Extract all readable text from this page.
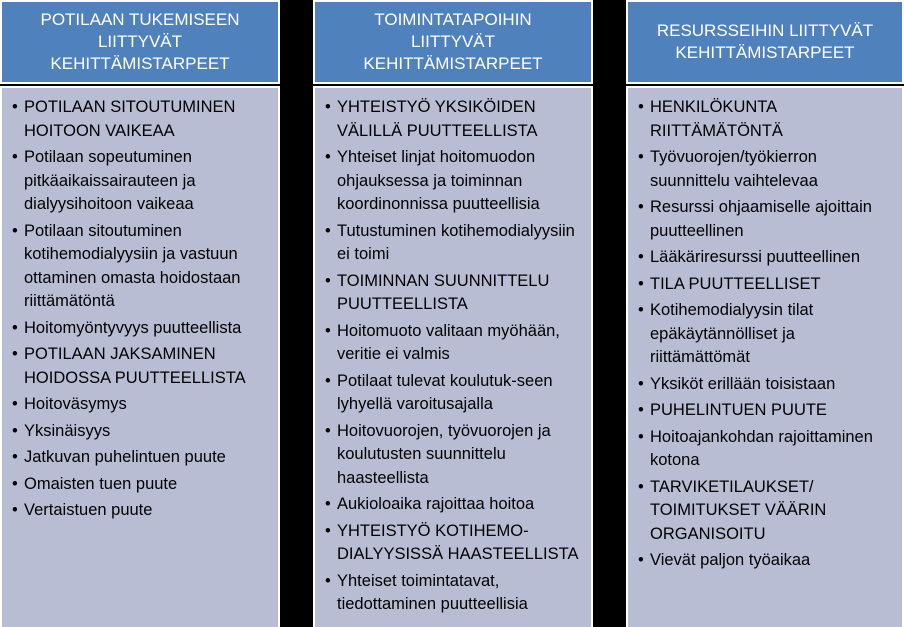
POTILAAN TUKEMISEEN
LIITTYVÄT
KEHITTÄMISTARPEET
• POTILAAN SITOUTUMINEN HOITOON VAIKEAA
• Potilaan sopeutuminen pitkäaikaissairauteen ja dialyysihoitoon vaikeaa
• Potilaan sitoutuminen kotihemodialyysiin ja vastuun ottaminen omasta hoidostaan riittämätöntä
• Hoitomyöntyvyys puutteellista
• POTILAAN JAKSAMINEN HOIDOSSA PUUTTEELLISTA
• Hoitoväsymys
• Yksinäisyys
• Jatkuvan puhelintuen puute
• Omaisten tuen puute
• Vertaistuen puute
TOIMINTATAPOIHIN
LIITTYVÄT
KEHITTÄMISTARPEET
• YHTEISTYÖ YKSIKÖIDEN VÄLILLÄ PUUTTEELLISTA
• Yhteiset linjat hoitomuodon ohjauksessa ja toiminnan koordinonnissa puutteellisia
• Tutustuminen kotihemodialyysiin ei toimi
• TOIMINNAN SUUNNITTELU PUUTTEELLISTA
• Hoitomuoto valitaan myöhään, veritie ei valmis
• Potilaat tulevat koulutuk-seen lyhyellä varoitusajalla
• Hoitovuorojen, työvuorojen ja koulutusten suunnittelu haasteellista
• Aukioloaika rajoittaa hoitoa
• YHTEISTYÖ KOTIHEMO-DIALYYSISSÄ HAASTEELLISTA
• Yhteiset toimintatavat, tiedottaminen puutteellisia
RESURSSEIHIN LIITTYVÄT
KEHITTÄMISTARPEET
• HENKILÖKUNTA RIITTÄMÄTÖNTÄ
• Työvuorojen/työkierron suunnittelu vaihtelevaa
• Resurssi ohjaamiselle ajoittain puutteellinen
• Lääkäriresurssi puutteellinen
• TILA PUUTTEELLISET
• Kotihemodialyysin tilat epäkäytännölliset ja riittämättömät
• Yksiköt erillään toisistaan
• PUHELINTUEN PUUTE
• Hoitoajankohdan rajoittaminen kotona
• TARVIKETILAUKSET/ TOIMITUKSET VÄÄRIN ORGANISOITU
• Vievät paljon työaikaa
